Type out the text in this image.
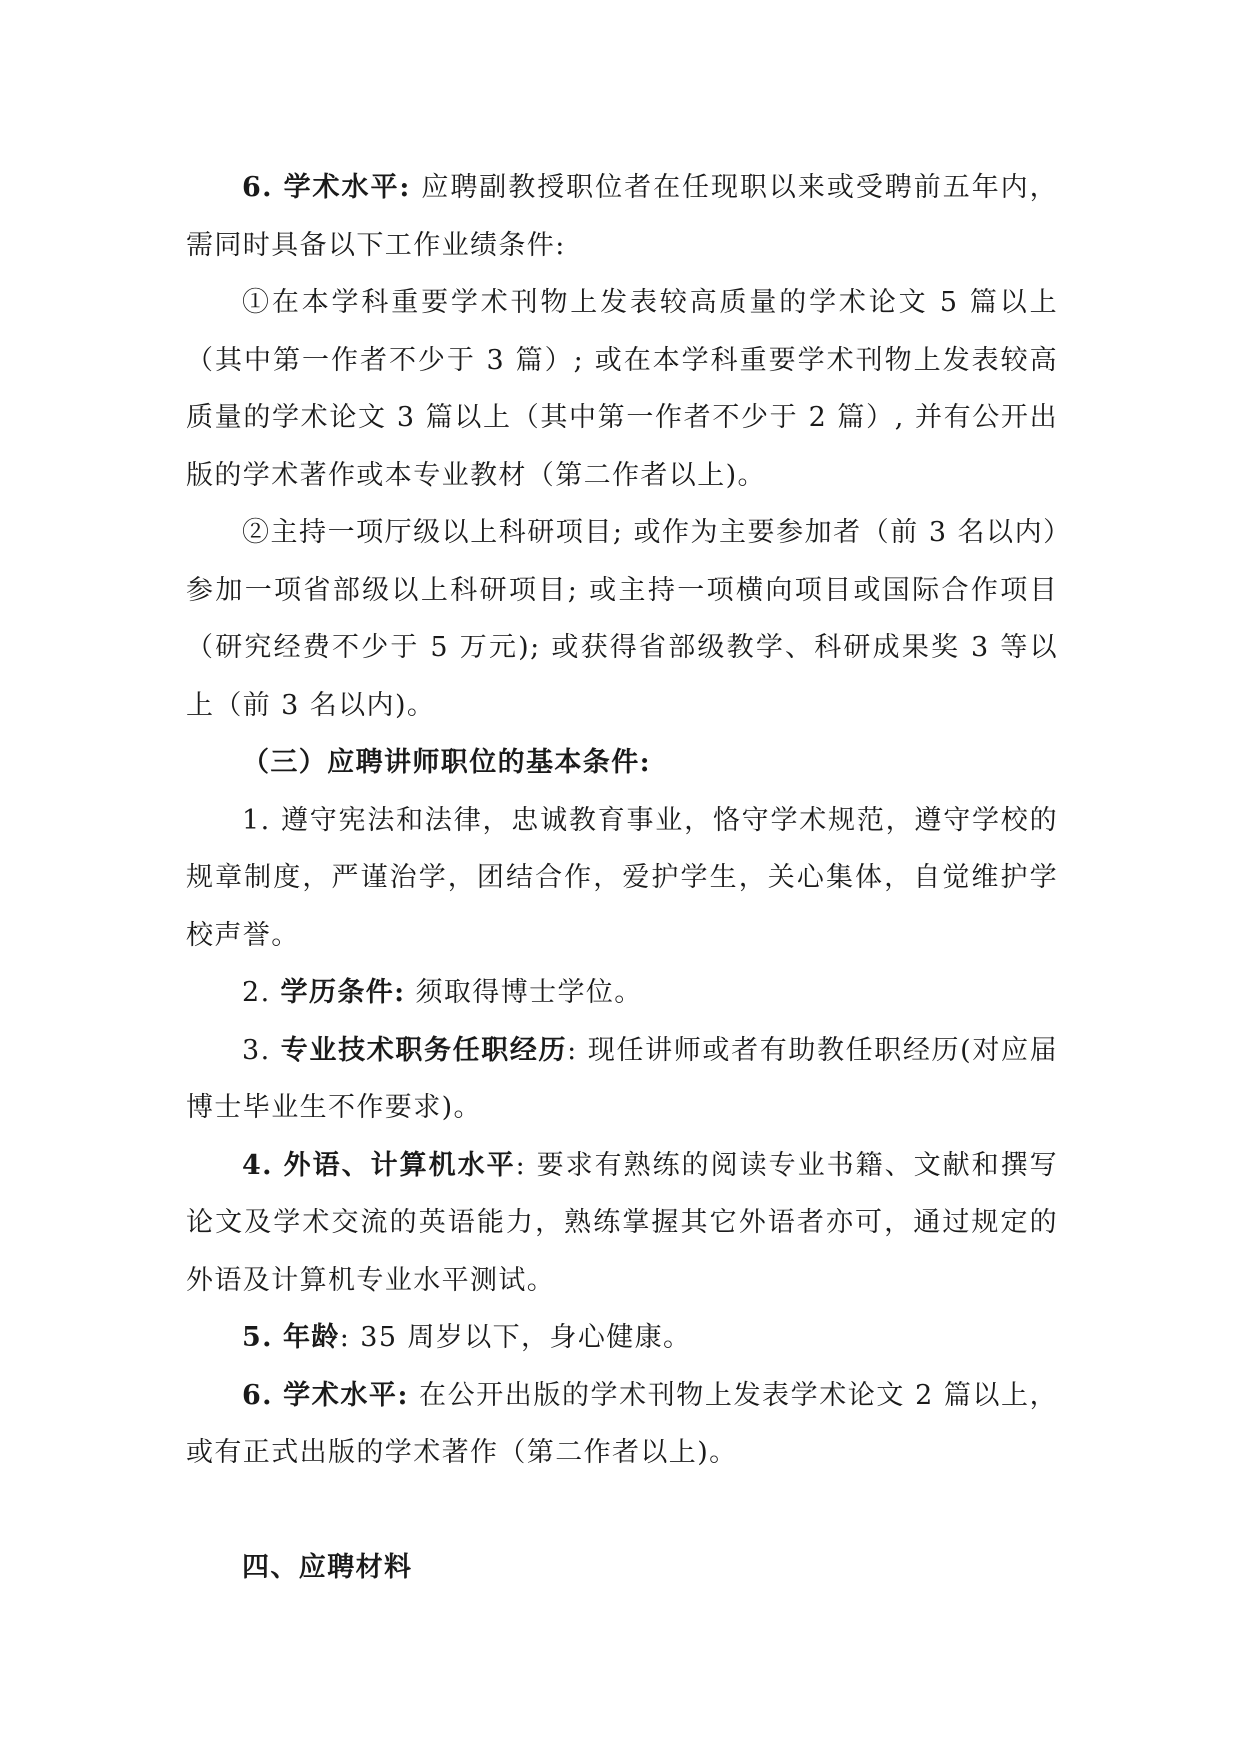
6. 学术水平: 应聘副教授职位者在任现职以来或受聘前五年内，需同时具备以下工作业绩条件:

①在本学科重要学术刊物上发表较高质量的学术论文 5 篇以上（其中第一作者不少于 3 篇）; 或在本学科重要学术刊物上发表较高质量的学术论文 3 篇以上（其中第一作者不少于 2 篇）, 并有公开出版的学术著作或本专业教材（第二作者以上)。

②主持一项厅级以上科研项目; 或作为主要参加者（前 3 名以内）参加一项省部级以上科研项目; 或主持一项横向项目或国际合作项目（研究经费不少于 5 万元); 或获得省部级教学、科研成果奖 3 等以上（前 3 名以内)。

（三）应聘讲师职位的基本条件:

1. 遵守宪法和法律，忠诚教育事业，恪守学术规范，遵守学校的规章制度，严谨治学，团结合作，爱护学生，关心集体，自觉维护学校声誉。

2. 学历条件: 须取得博士学位。

3. 专业技术职务任职经历: 现任讲师或者有助教任职经历(对应届博士毕业生不作要求)。

4. 外语、计算机水平: 要求有熟练的阅读专业书籍、文献和撰写论文及学术交流的英语能力，熟练掌握其它外语者亦可，通过规定的外语及计算机专业水平测试。

5. 年龄: 35 周岁以下，身心健康。

6. 学术水平: 在公开出版的学术刊物上发表学术论文 2 篇以上，或有正式出版的学术著作（第二作者以上)。

四、应聘材料
